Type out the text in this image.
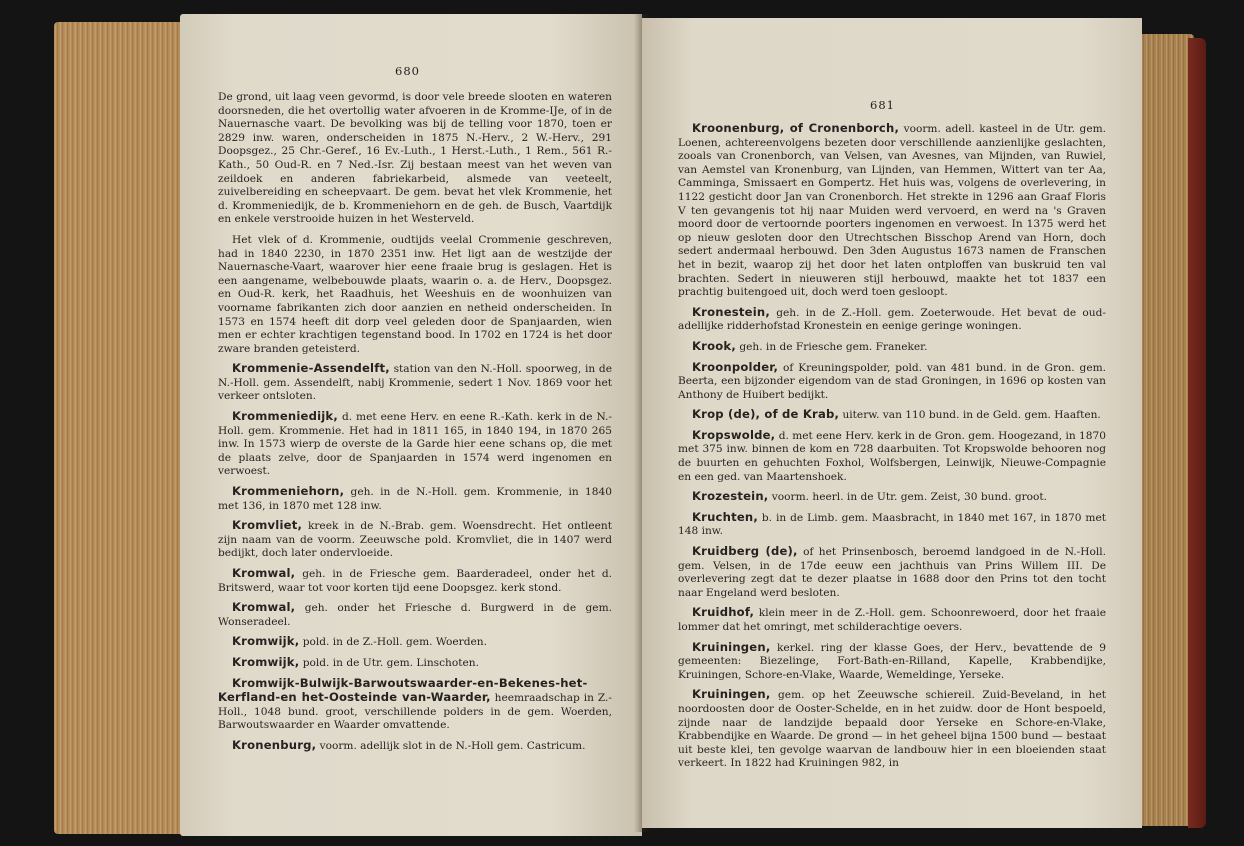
680

De grond, uit laag veen gevormd, is door vele breede slooten en wateren doorsneden, die het overtollig water afvoeren in de Kromme-IJe, of in de Nauernasche vaart. De bevolking was bij de telling voor 1870, toen er 2829 inw. waren, onderscheiden in 1875 N.-Herv., 2 W.-Herv., 291 Doopsgez., 25 Chr.-Geref., 16 Ev.-Luth., 1 Herst.-Luth., 1 Rem., 561 R.-Kath., 50 Oud-R. en 7 Ned.-Isr. Zij bestaan meest van het weven van zeildoek en anderen fabriekarbeid, alsmede van veeteelt, zuivelbereiding en scheepvaart. De gem. bevat het vlek Krommenie, het d. Krommeniedijk, de b. Krommeniehorn en de geh. de Busch, Vaartdijk en enkele verstrooide huizen in het Westerveld.

Het vlek of d. Krommenie, oudtijds veelal Crommenie geschreven, had in 1840 2230, in 1870 2351 inw. Het ligt aan de westzijde der Nauernasche-Vaart, waarover hier eene fraaie brug is geslagen. Het is een aangename, welbebouwde plaats, waarin o. a. de Herv., Doopsgez. en Oud-R. kerk, het Raadhuis, het Weeshuis en de woonhuizen van voorname fabrikanten zich door aanzien en netheid onderscheiden. In 1573 en 1574 heeft dit dorp veel geleden door de Spanjaarden, wien men er echter krachtigen tegenstand bood. In 1702 en 1724 is het door zware branden geteisterd.

Krommenie-Assendelft, station van den N.-Holl. spoorweg, in de N.-Holl. gem. Assendelft, nabij Krommenie, sedert 1 Nov. 1869 voor het verkeer ontsloten.

Krommeniedijk, d. met eene Herv. en eene R.-Kath. kerk in de N.-Holl. gem. Krommenie. Het had in 1811 165, in 1840 194, in 1870 265 inw. In 1573 wierp de overste de la Garde hier eene schans op, die met de plaats zelve, door de Spanjaarden in 1574 werd ingenomen en verwoest.

Krommeniehorn, geh. in de N.-Holl. gem. Krommenie, in 1840 met 136, in 1870 met 128 inw.

Kromvliet, kreek in de N.-Brab. gem. Woensdrecht. Het ontleent zijn naam van de voorm. Zeeuwsche pold. Kromvliet, die in 1407 werd bedijkt, doch later ondervloeide.

Kromwal, geh. in de Friesche gem. Baarderadeel, onder het d. Britswerd, waar tot voor korten tijd eene Doopsgez. kerk stond.

Kromwal, geh. onder het Friesche d. Burgwerd in de gem. Wonseradeel.

Kromwijk, pold. in de Z.-Holl. gem. Woerden.

Kromwijk, pold. in de Utr. gem. Linschoten.

Kromwijk-Bulwijk-Barwoutswaarder-en-Bekenes-het-Kerfland-en het-Oosteinde van-Waarder, heemraadschap in Z.-Holl., 1048 bund. groot, verschillende polders in de gem. Woerden, Barwoutswaarder en Waarder omvattende.

Kronenburg, voorm. adellijk slot in de N.-Holl gem. Castricum.

681

Kroonenburg, of Cronenborch, voorm. adell. kasteel in de Utr. gem. Loenen, achtereenvolgens bezeten door verschillende aanzienlijke geslachten, zooals van Cronenborch, van Velsen, van Avesnes, van Mijnden, van Ruwiel, van Aemstel van Kronenburg, van Lijnden, van Hemmen, Wittert van ter Aa, Camminga, Smissaert en Gompertz. Het huis was, volgens de overlevering, in 1122 gesticht door Jan van Cronenborch. Het strekte in 1296 aan Graaf Floris V ten gevangenis tot hij naar Muiden werd vervoerd, en werd na 's Graven moord door de vertoornde poorters ingenomen en verwoest. In 1375 werd het op nieuw gesloten door den Utrechtschen Bisschop Arend van Horn, doch sedert andermaal herbouwd. Den 3den Augustus 1673 namen de Franschen het in bezit, waarop zij het door het laten ontploffen van buskruid ten val brachten. Sedert in nieuweren stijl herbouwd, maakte het tot 1837 een prachtig buitengoed uit, doch werd toen gesloopt.

Kronestein, geh. in de Z.-Holl. gem. Zoeterwoude. Het bevat de oud-adellijke ridderhofstad Kronestein en eenige geringe woningen.

Krook, geh. in de Friesche gem. Franeker.

Kroonpolder, of Kreuningspolder, pold. van 481 bund. in de Gron. gem. Beerta, een bijzonder eigendom van de stad Groningen, in 1696 op kosten van Anthony de Huibert bedijkt.

Krop (de), of de Krab, uiterw. van 110 bund. in de Geld. gem. Haaften.

Kropswolde, d. met eene Herv. kerk in de Gron. gem. Hoogezand, in 1870 met 375 inw. binnen de kom en 728 daarbuiten. Tot Kropswolde behooren nog de buurten en gehuchten Foxhol, Wolfsbergen, Leinwijk, Nieuwe-Compagnie en een ged. van Maartenshoek.

Krozestein, voorm. heerl. in de Utr. gem. Zeist, 30 bund. groot.

Kruchten, b. in de Limb. gem. Maasbracht, in 1840 met 167, in 1870 met 148 inw.

Kruidberg (de), of het Prinsenbosch, beroemd landgoed in de N.-Holl. gem. Velsen, in de 17de eeuw een jachthuis van Prins Willem III. De overlevering zegt dat te dezer plaatse in 1688 door den Prins tot den tocht naar Engeland werd besloten.

Kruidhof, klein meer in de Z.-Holl. gem. Schoonrewoerd, door het fraaie lommer dat het omringt, met schilderachtige oevers.

Kruiningen, kerkel. ring der klasse Goes, der Herv., bevattende de 9 gemeenten: Biezelinge, Fort-Bath-en-Rilland, Kapelle, Krabbendijke, Kruiningen, Schore-en-Vlake, Waarde, Wemeldinge, Yerseke.

Kruiningen, gem. op het Zeeuwsche schiereil. Zuid-Beveland, in het noordoosten door de Ooster-Schelde, en in het zuidw. door de Hont bespoeld, zijnde naar de landzijde bepaald door Yerseke en Schore-en-Vlake, Krabbendijke en Waarde. De grond — in het geheel bijna 1500 bund — bestaat uit beste klei, ten gevolge waarvan de landbouw hier in een bloeienden staat verkeert. In 1822 had Kruiningen 982, in
